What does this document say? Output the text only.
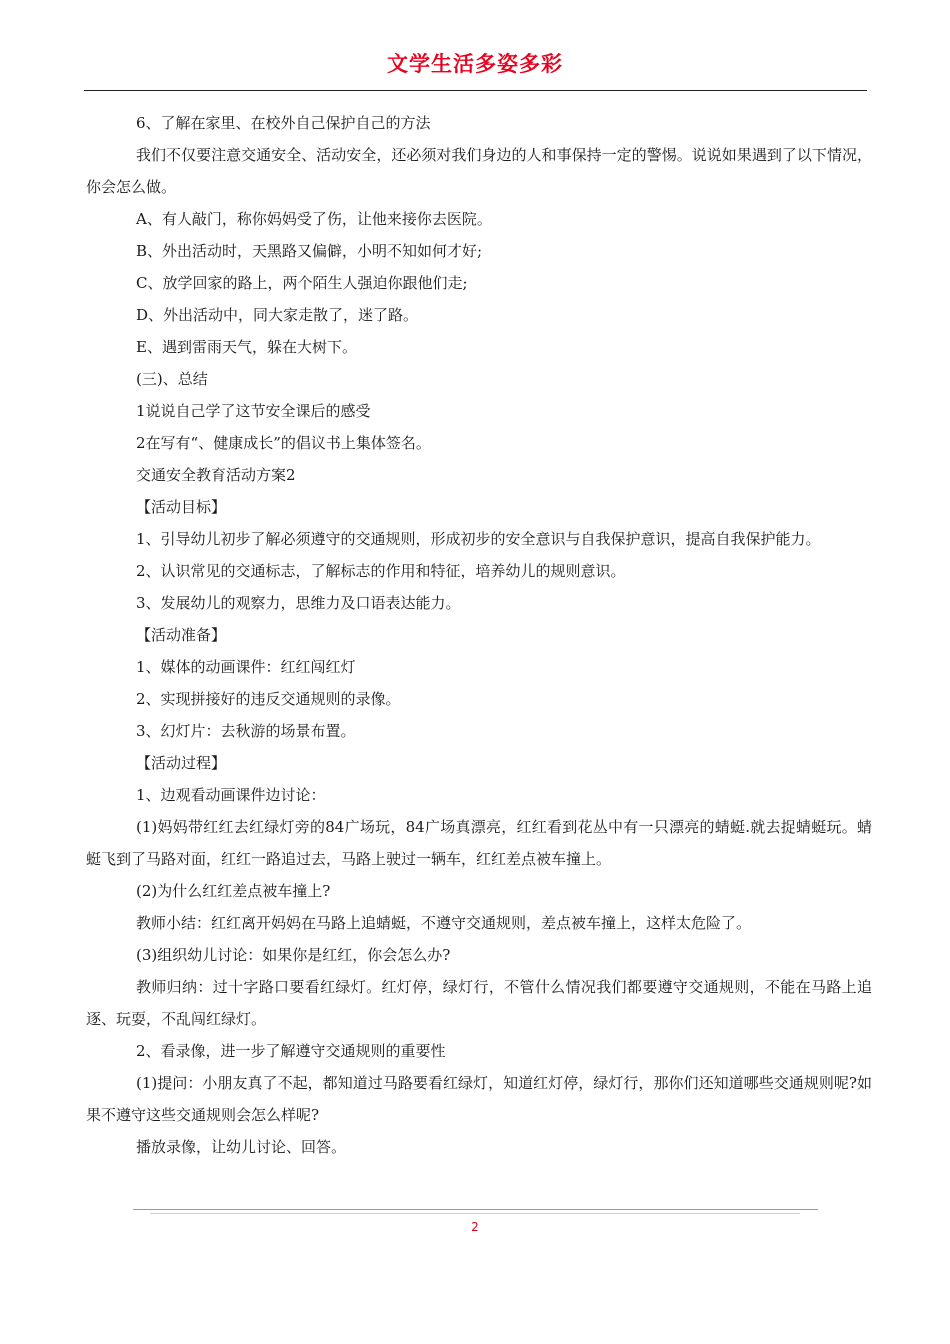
文学生活多姿多彩

6、了解在家里、在校外自己保护自己的方法

我们不仅要注意交通安全、活动安全，还必须对我们身边的人和事保持一定的警惕。说说如果遇到了以下情况，你会怎么做。

A、有人敲门，称你妈妈受了伤，让他来接你去医院。

B、外出活动时，天黑路又偏僻，小明不知如何才好;

C、放学回家的路上，两个陌生人强迫你跟他们走;

D、外出活动中，同大家走散了，迷了路。

E、遇到雷雨天气，躲在大树下。

(三)、总结

1说说自己学了这节安全课后的感受

2在写有“、健康成长”的倡议书上集体签名。

交通安全教育活动方案2

【活动目标】

1、引导幼儿初步了解必须遵守的交通规则，形成初步的安全意识与自我保护意识，提高自我保护能力。

2、认识常见的交通标志，了解标志的作用和特征，培养幼儿的规则意识。

3、发展幼儿的观察力，思维力及口语表达能力。

【活动准备】

1、媒体的动画课件：红红闯红灯

2、实现拼接好的违反交通规则的录像。

3、幻灯片：去秋游的场景布置。

【活动过程】

1、边观看动画课件边讨论：

(1)妈妈带红红去红绿灯旁的84广场玩，84广场真漂亮，红红看到花丛中有一只漂亮的蜻蜓.就去捉蜻蜓玩。蜻蜓飞到了马路对面，红红一路追过去，马路上驶过一辆车，红红差点被车撞上。

(2)为什么红红差点被车撞上?

教师小结：红红离开妈妈在马路上追蜻蜓，不遵守交通规则，差点被车撞上，这样太危险了。

(3)组织幼儿讨论：如果你是红红，你会怎么办?

教师归纳：过十字路口要看红绿灯。红灯停，绿灯行，不管什么情况我们都要遵守交通规则，不能在马路上追逐、玩耍，不乱闯红绿灯。

2、看录像，进一步了解遵守交通规则的重要性

(1)提问：小朋友真了不起，都知道过马路要看红绿灯，知道红灯停，绿灯行，那你们还知道哪些交通规则呢?如果不遵守这些交通规则会怎么样呢?

播放录像，让幼儿讨论、回答。

2
